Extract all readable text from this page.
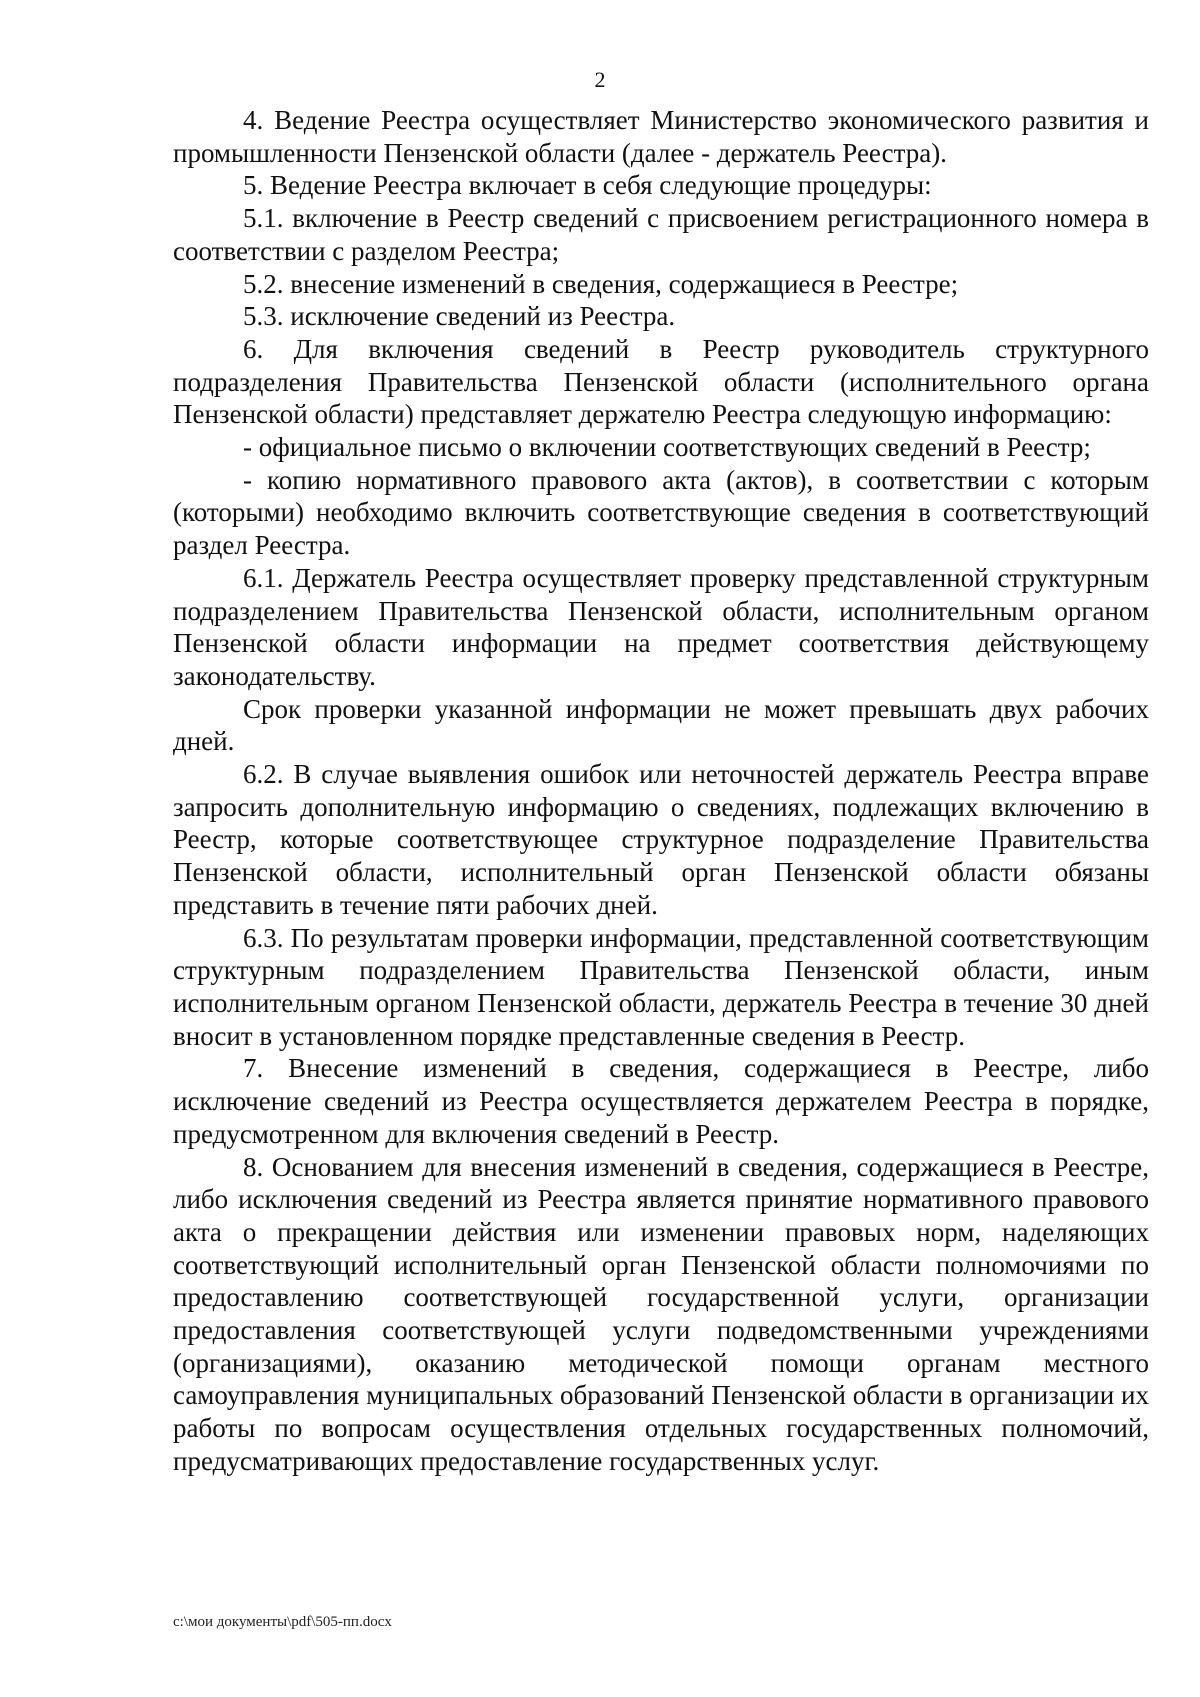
2

4. Ведение Реестра осуществляет Министерство экономического развития и промышленности Пензенской области (далее - держатель Реестра).

5. Ведение Реестра включает в себя следующие процедуры:

5.1. включение в Реестр сведений с присвоением регистрационного номера в соответствии с разделом Реестра;

5.2. внесение изменений в сведения, содержащиеся в Реестре;

5.3. исключение сведений из Реестра.

6. Для включения сведений в Реестр руководитель структурного подразделения Правительства Пензенской области (исполнительного органа Пензенской области) представляет держателю Реестра следующую информацию:

- официальное письмо о включении соответствующих сведений в Реестр;

- копию нормативного правового акта (актов), в соответствии с которым (которыми) необходимо включить соответствующие сведения в соответствующий раздел Реестра.

6.1. Держатель Реестра осуществляет проверку представленной структурным подразделением Правительства Пензенской области, исполнительным органом Пензенской области информации на предмет соответствия действующему законодательству.

Срок проверки указанной информации не может превышать двух рабочих дней.

6.2. В случае выявления ошибок или неточностей держатель Реестра вправе запросить дополнительную информацию о сведениях, подлежащих включению в Реестр, которые соответствующее структурное подразделение Правительства Пензенской области, исполнительный орган Пензенской области обязаны представить в течение пяти рабочих дней.

6.3. По результатам проверки информации, представленной соответствующим структурным подразделением Правительства Пензенской области, иным исполнительным органом Пензенской области, держатель Реестра в течение 30 дней вносит в установленном порядке представленные сведения в Реестр.

7. Внесение изменений в сведения, содержащиеся в Реестре, либо исключение сведений из Реестра осуществляется держателем Реестра в порядке, предусмотренном для включения сведений в Реестр.

8. Основанием для внесения изменений в сведения, содержащиеся в Реестре, либо исключения сведений из Реестра является принятие нормативного правового акта о прекращении действия или изменении правовых норм, наделяющих соответствующий исполнительный орган Пензенской области полномочиями по предоставлению соответствующей государственной услуги, организации предоставления соответствующей услуги подведомственными учреждениями (организациями), оказанию методической помощи органам местного самоуправления муниципальных образований Пензенской области в организации их работы по вопросам осуществления отдельных государственных полномочий, предусматривающих предоставление государственных услуг.

c:\мои документы\pdf\505-пп.docx
